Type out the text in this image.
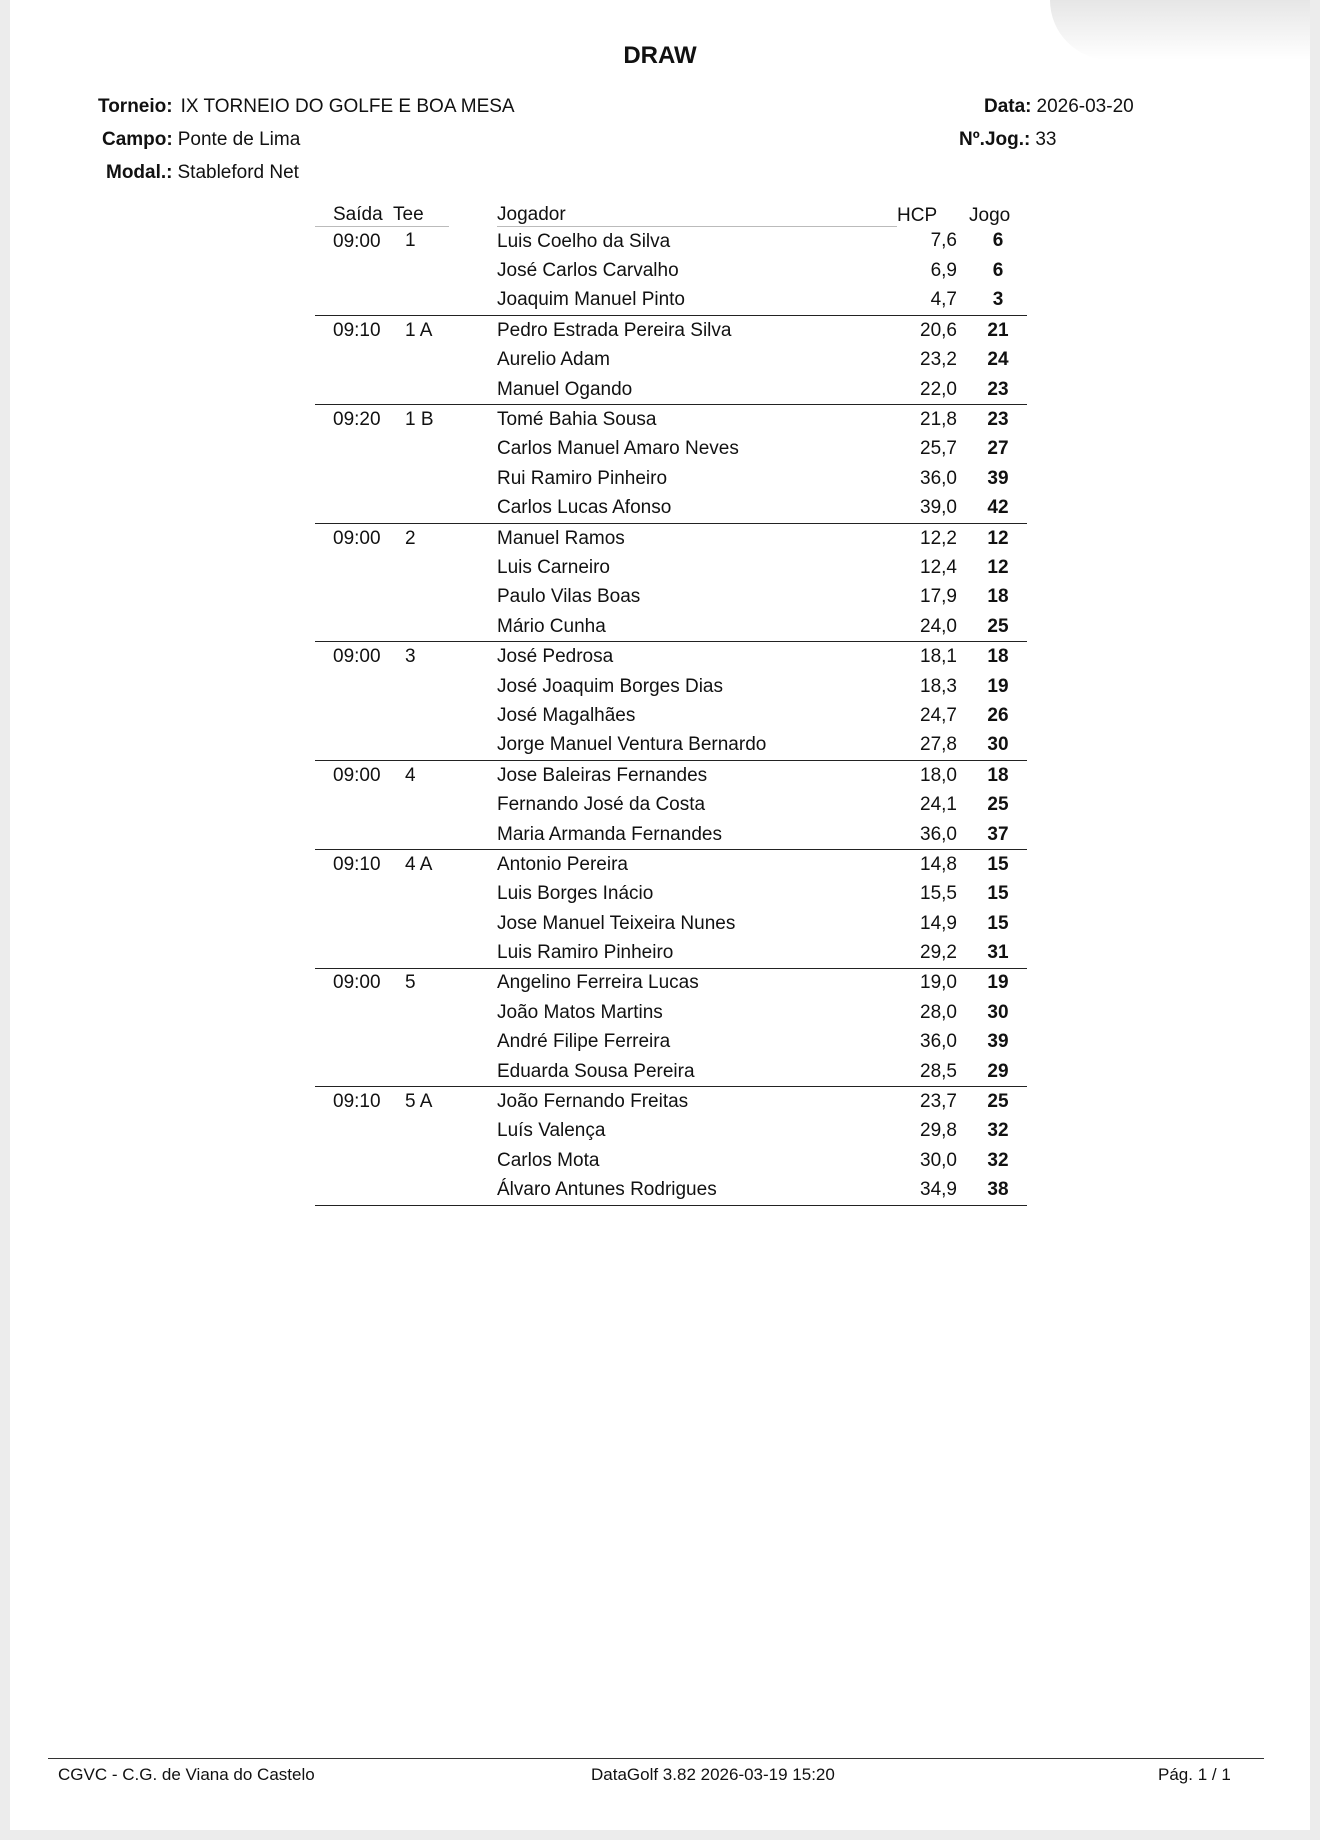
DRAW
Torneio: IX TORNEIO DO GOLFE E BOA MESA
Campo: Ponte de Lima
Modal.: Stableford Net
Data: 2026-03-20
Nº.Jog.: 33
Saída	Tee	Jogador	HCP	Jogo
09:00	1	Luis Coelho da Silva	7,6	6
		José Carlos Carvalho	6,9	6
		Joaquim Manuel Pinto	4,7	3
09:10	1 A	Pedro Estrada Pereira Silva	20,6	21
		Aurelio Adam	23,2	24
		Manuel Ogando	22,0	23
09:20	1 B	Tomé Bahia Sousa	21,8	23
		Carlos Manuel Amaro Neves	25,7	27
		Rui Ramiro Pinheiro	36,0	39
		Carlos Lucas Afonso	39,0	42
09:00	2	Manuel Ramos	12,2	12
		Luis Carneiro	12,4	12
		Paulo Vilas Boas	17,9	18
		Mário Cunha	24,0	25
09:00	3	José Pedrosa	18,1	18
		José Joaquim Borges Dias	18,3	19
		José Magalhães	24,7	26
		Jorge Manuel Ventura Bernardo	27,8	30
09:00	4	Jose Baleiras Fernandes	18,0	18
		Fernando José da Costa	24,1	25
		Maria Armanda Fernandes	36,0	37
09:10	4 A	Antonio Pereira	14,8	15
		Luis Borges Inácio	15,5	15
		Jose Manuel Teixeira Nunes	14,9	15
		Luis Ramiro Pinheiro	29,2	31
09:00	5	Angelino Ferreira Lucas	19,0	19
		João Matos Martins	28,0	30
		André Filipe Ferreira	36,0	39
		Eduarda Sousa Pereira	28,5	29
09:10	5 A	João Fernando Freitas	23,7	25
		Luís Valença	29,8	32
		Carlos Mota	30,0	32
		Álvaro Antunes Rodrigues	34,9	38
CGVC - C.G. de Viana do Castelo	DataGolf 3.82 2026-03-19 15:20	Pág. 1 / 1
